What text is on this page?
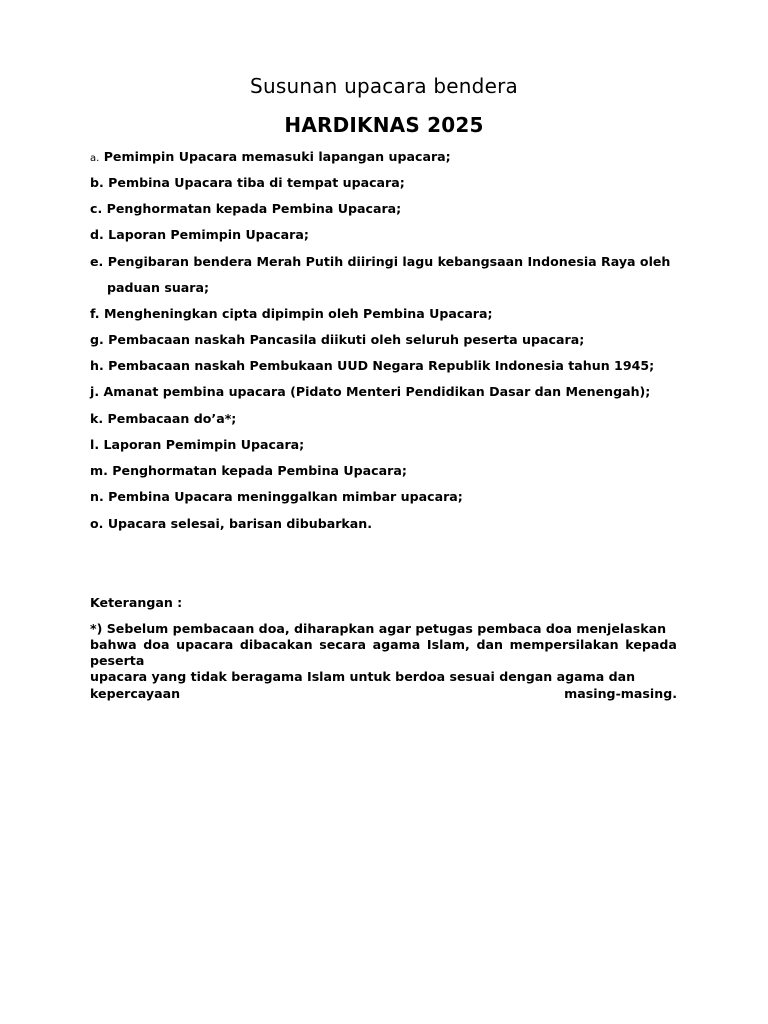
Susunan upacara bendera
HARDIKNAS 2025
a. Pemimpin Upacara memasuki lapangan upacara;
b. Pembina Upacara tiba di tempat upacara;
c. Penghormatan kepada Pembina Upacara;
d. Laporan Pemimpin Upacara;
e. Pengibaran bendera Merah Putih diiringi lagu kebangsaan Indonesia Raya oleh
paduan suara;
f. Mengheningkan cipta dipimpin oleh Pembina Upacara;
g. Pembacaan naskah Pancasila diikuti oleh seluruh peserta upacara;
h. Pembacaan naskah Pembukaan UUD Negara Republik Indonesia tahun 1945;
j. Amanat pembina upacara (Pidato Menteri Pendidikan Dasar dan Menengah);
k. Pembacaan do’a*;
l. Laporan Pemimpin Upacara;
m. Penghormatan kepada Pembina Upacara;
n. Pembina Upacara meninggalkan mimbar upacara;
o. Upacara selesai, barisan dibubarkan.
Keterangan :
*) Sebelum pembacaan doa, diharapkan agar petugas pembaca doa menjelaskan
bahwa doa upacara dibacakan secara agama Islam, dan mempersilakan kepada
peserta
upacara yang tidak beragama Islam untuk berdoa sesuai dengan agama dan
kepercayaan	masing-masing.
